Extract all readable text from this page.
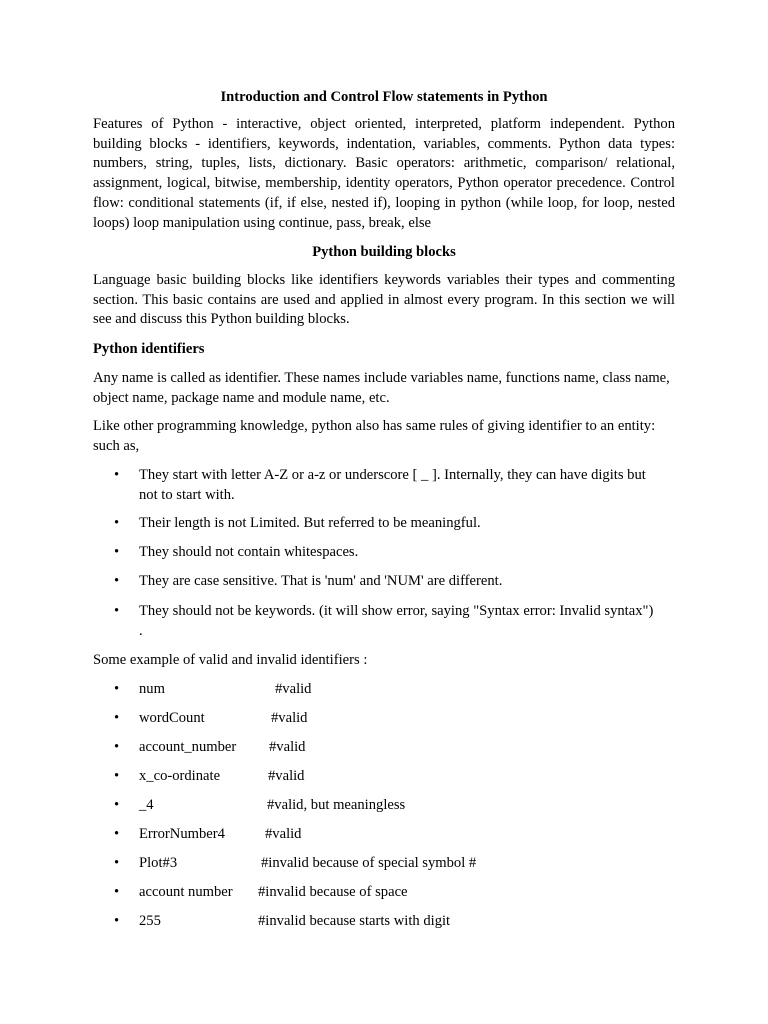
Introduction and Control Flow statements in Python
Features of Python - interactive, object oriented, interpreted, platform independent. Python building blocks - identifiers, keywords, indentation, variables, comments. Python data types: numbers, string, tuples, lists, dictionary. Basic operators: arithmetic, comparison/ relational, assignment, logical, bitwise, membership, identity operators, Python operator precedence. Control flow: conditional statements (if, if else, nested if), looping in python (while loop, for loop, nested loops) loop manipulation using continue, pass, break, else
Python building blocks
Language basic building blocks like identifiers keywords variables their types and commenting section. This basic contains are used and applied in almost every program. In this section we will see and discuss this Python building blocks.
Python identifiers
Any name is called as identifier. These names include variables name, functions name, class name, object name, package name and module name, etc.
Like other programming knowledge, python also has same rules of giving identifier to an entity: such as,
• They start with letter A-Z or a-z or underscore [ _ ]. Internally, they can have digits but not to start with.
• Their length is not Limited. But referred to be meaningful.
• They should not contain whitespaces.
• They are case sensitive. That is 'num' and 'NUM' are different.
• They should not be keywords. (it will show error, saying "Syntax error: Invalid syntax") .
Some example of valid and invalid identifiers :
• num	#valid
• wordCount	#valid
• account_number #valid
• x_co-ordinate	#valid
• _4	#valid, but meaningless
• ErrorNumber4	#valid
• Plot#3	#invalid because of special symbol #
• account number #invalid because of space
• 255	#invalid because starts with digit
